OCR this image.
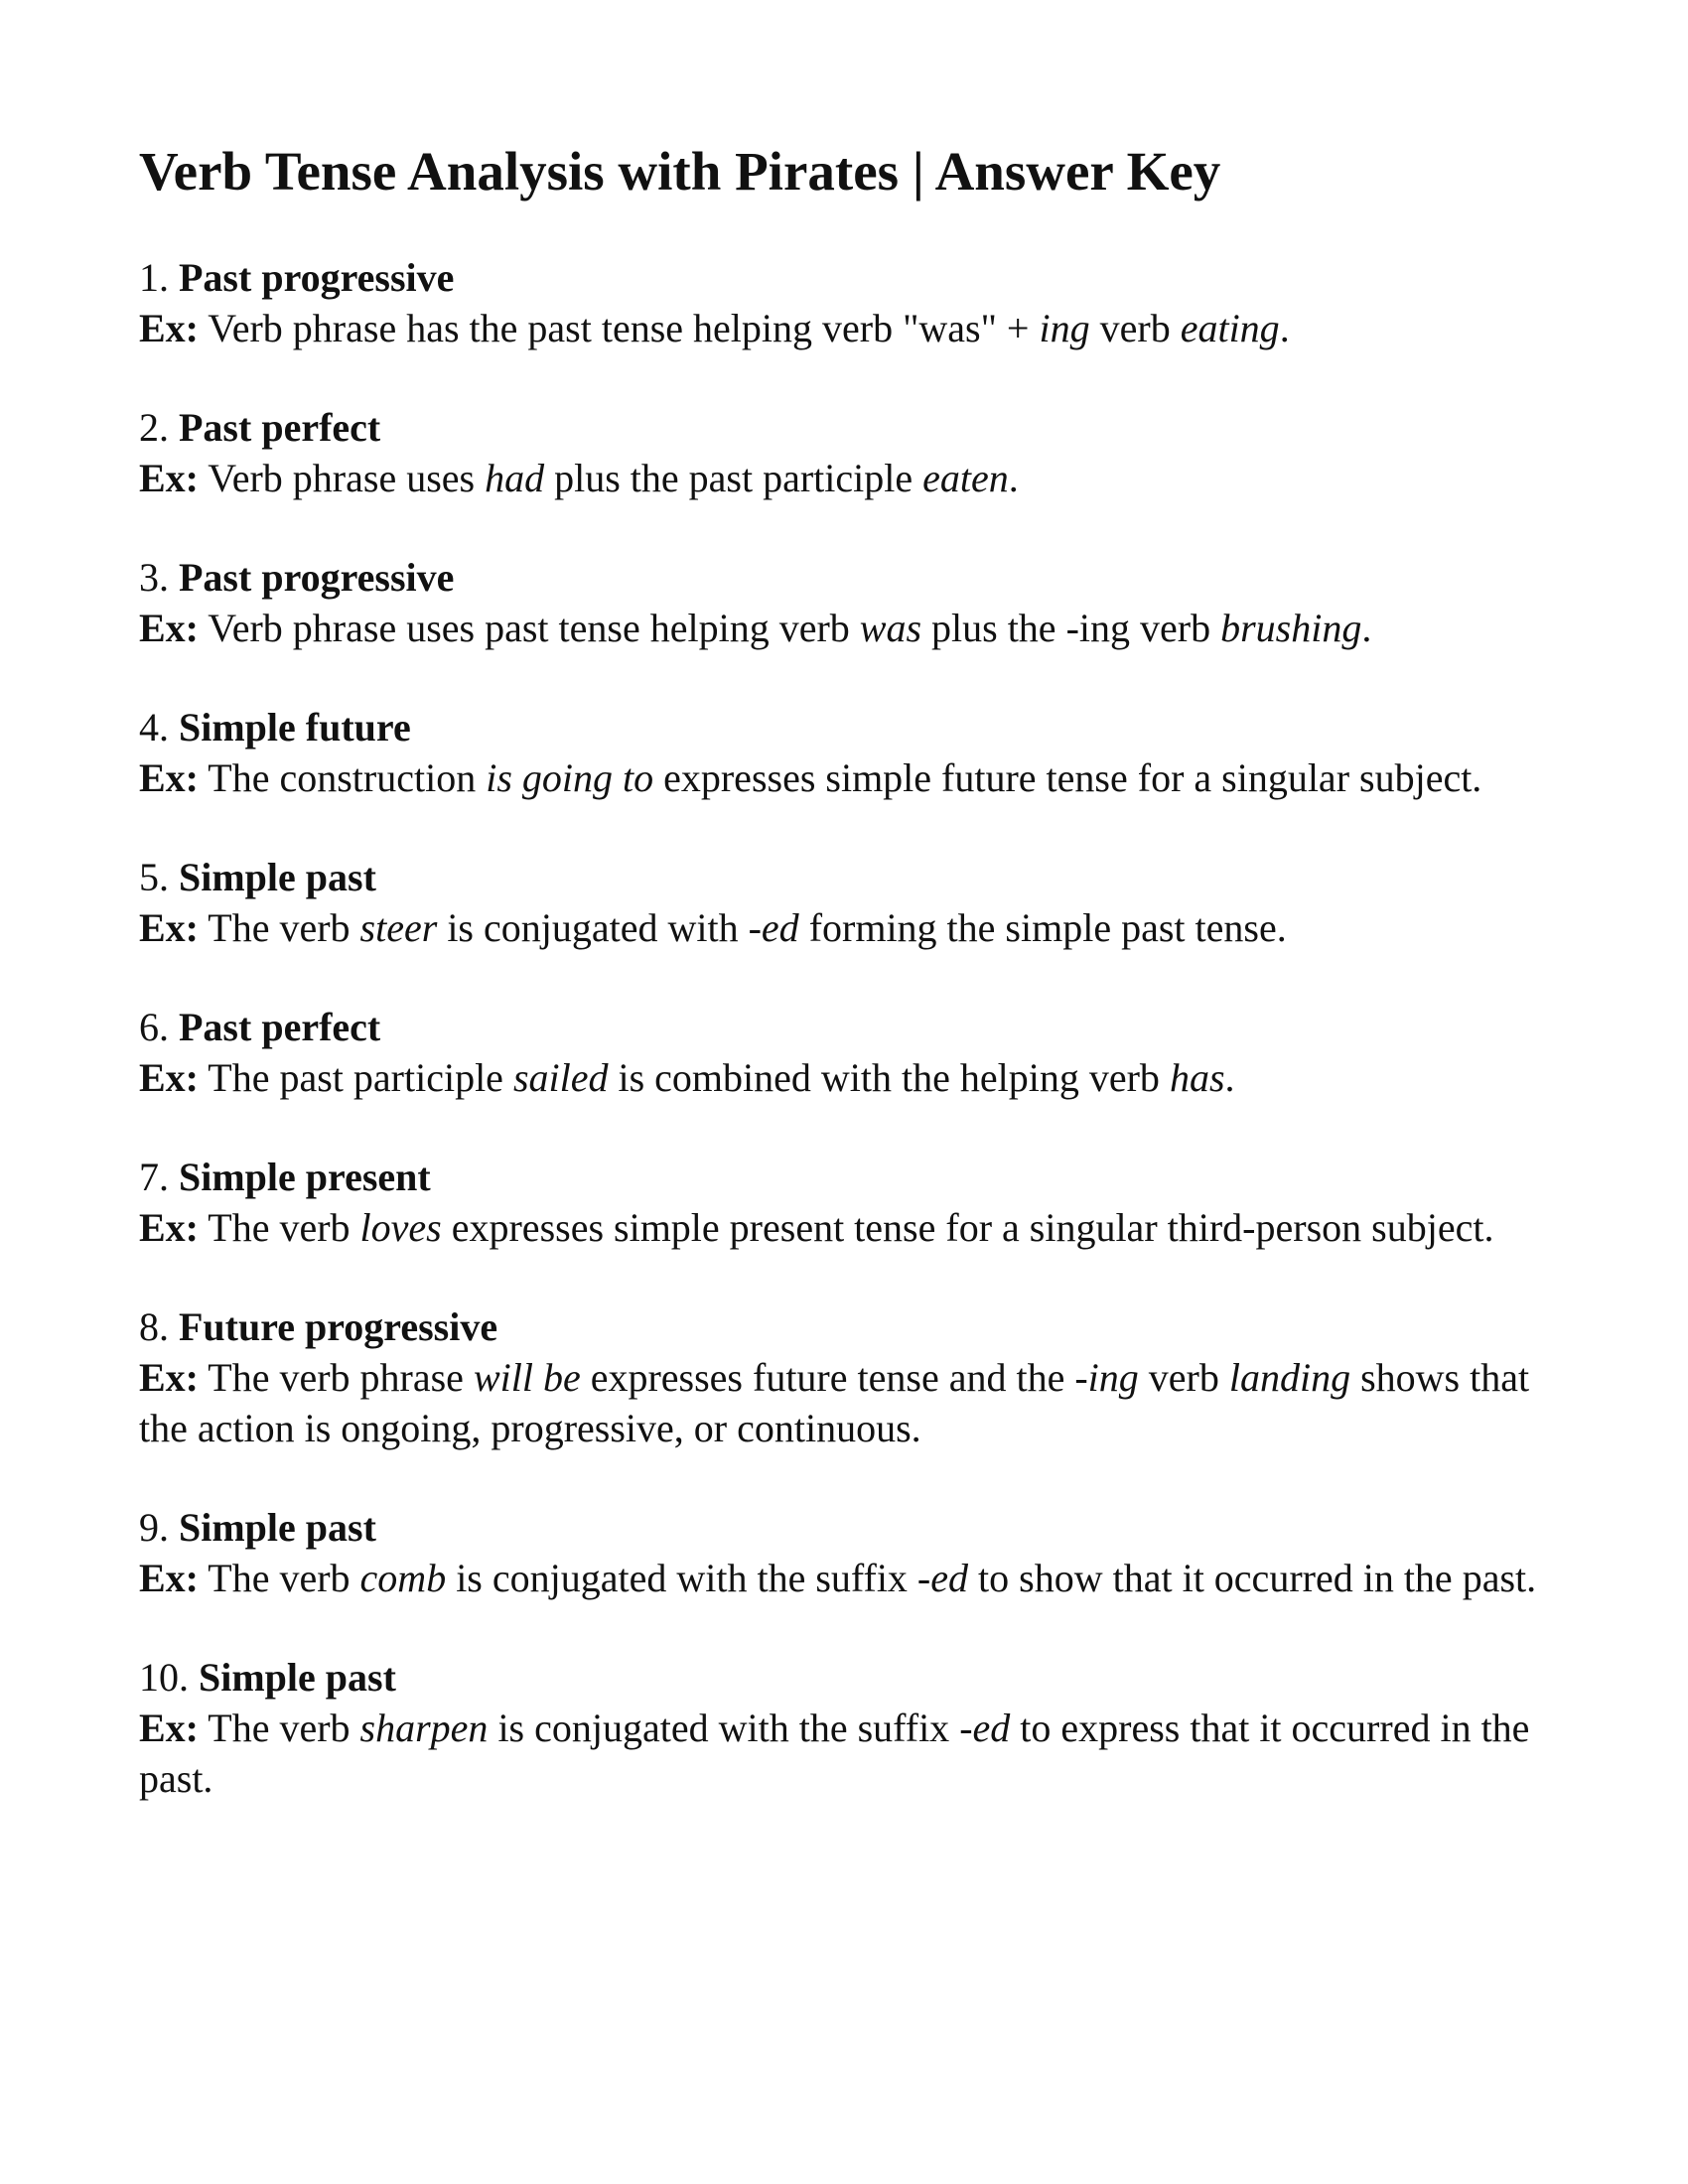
Verb Tense Analysis with Pirates | Answer Key
1. Past progressive
Ex: Verb phrase has the past tense helping verb "was" + ing verb eating.
2. Past perfect
Ex: Verb phrase uses had plus the past participle eaten.
3. Past progressive
Ex: Verb phrase uses past tense helping verb was plus the -ing verb brushing.
4. Simple future
Ex: The construction is going to expresses simple future tense for a singular subject.
5. Simple past
Ex: The verb steer is conjugated with -ed forming the simple past tense.
6. Past perfect
Ex: The past participle sailed is combined with the helping verb has.
7. Simple present
Ex: The verb loves expresses simple present tense for a singular third-person subject.
8. Future progressive
Ex: The verb phrase will be expresses future tense and the -ing verb landing shows that the action is ongoing, progressive, or continuous.
9. Simple past
Ex: The verb comb is conjugated with the suffix -ed to show that it occurred in the past.
10. Simple past
Ex: The verb sharpen is conjugated with the suffix -ed to express that it occurred in the past.
